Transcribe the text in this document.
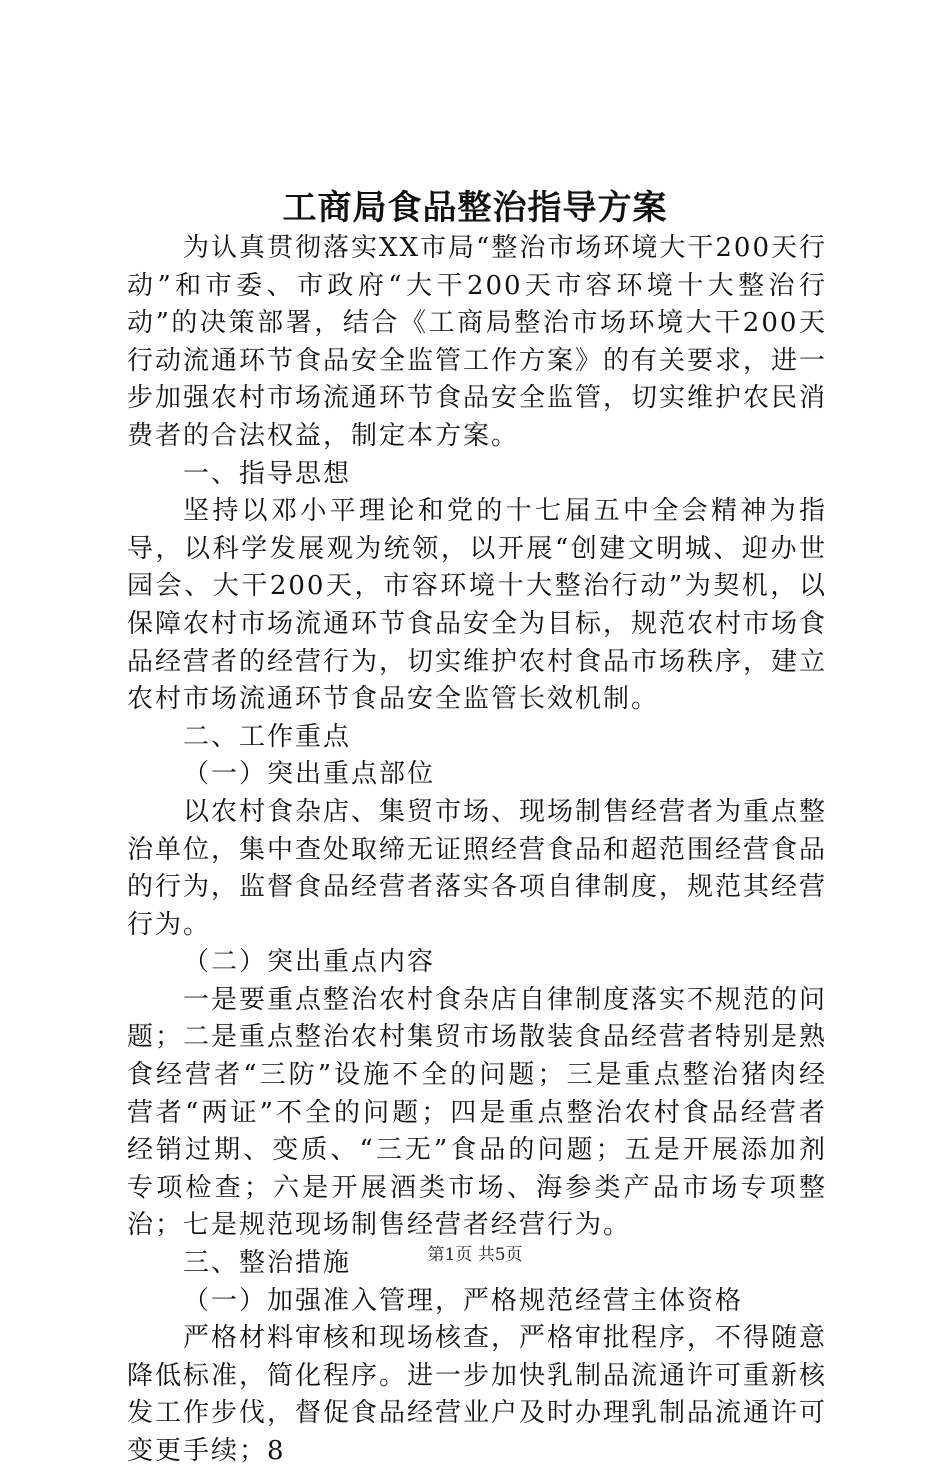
工商局食品整治指导方案

为认真贯彻落实XX市局“整治市场环境大干200天行动”和市委、市政府“大干200天市容环境十大整治行动”的决策部署，结合《工商局整治市场环境大干200天行动流通环节食品安全监管工作方案》的有关要求，进一步加强农村市场流通环节食品安全监管，切实维护农民消费者的合法权益，制定本方案。

一、指导思想

坚持以邓小平理论和党的十七届五中全会精神为指导，以科学发展观为统领，以开展“创建文明城、迎办世园会、大干200天，市容环境十大整治行动”为契机，以保障农村市场流通环节食品安全为目标，规范农村市场食品经营者的经营行为，切实维护农村食品市场秩序，建立农村市场流通环节食品安全监管长效机制。

二、工作重点

（一）突出重点部位

以农村食杂店、集贸市场、现场制售经营者为重点整治单位，集中查处取缔无证照经营食品和超范围经营食品的行为，监督食品经营者落实各项自律制度，规范其经营行为。

（二）突出重点内容

一是要重点整治农村食杂店自律制度落实不规范的问题；二是重点整治农村集贸市场散装食品经营者特别是熟食经营者“三防”设施不全的问题；三是重点整治猪肉经营者“两证”不全的问题；四是重点整治农村食品经营者经销过期、变质、“三无”食品的问题；五是开展添加剂专项检查；六是开展酒类市场、海参类产品市场专项整治；七是规范现场制售经营者经营行为。

三、整治措施

（一）加强准入管理，严格规范经营主体资格

严格材料审核和现场核查，严格审批程序，不得随意降低标准，简化程序。进一步加快乳制品流通许可重新核发工作步伐，督促食品经营业户及时办理乳制品流通许可变更手续；8

第1页 共5页
